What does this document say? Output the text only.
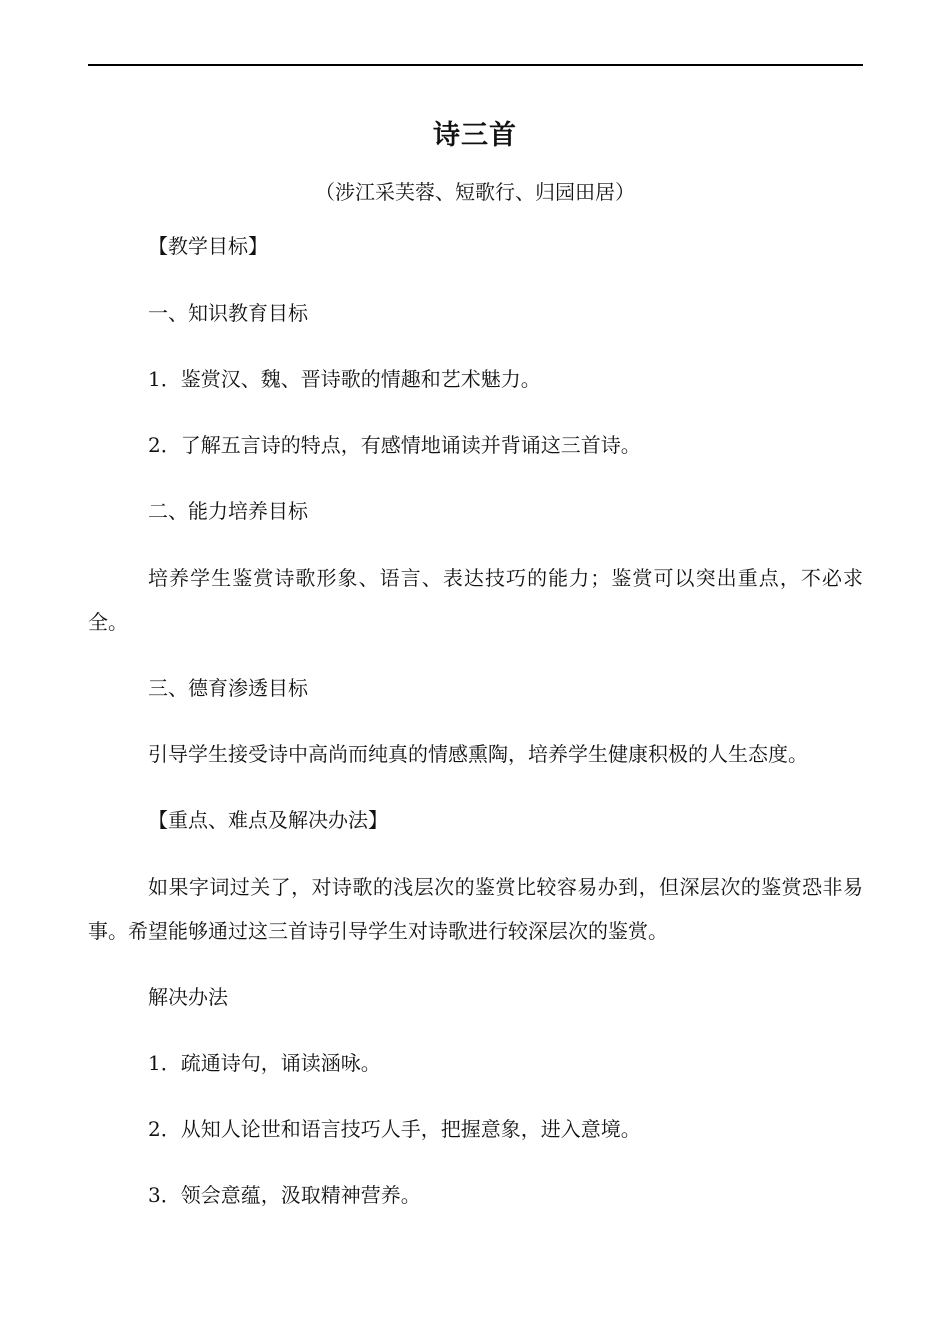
诗三首
（涉江采芙蓉、短歌行、归园田居）

【教学目标】

一、知识教育目标

1．鉴赏汉、魏、晋诗歌的情趣和艺术魅力。

2．了解五言诗的特点，有感情地诵读并背诵这三首诗。

二、能力培养目标

培养学生鉴赏诗歌形象、语言、表达技巧的能力；鉴赏可以突出重点，不必求全。

三、德育渗透目标

引导学生接受诗中高尚而纯真的情感熏陶，培养学生健康积极的人生态度。

【重点、难点及解决办法】

如果字词过关了，对诗歌的浅层次的鉴赏比较容易办到，但深层次的鉴赏恐非易事。希望能够通过这三首诗引导学生对诗歌进行较深层次的鉴赏。

解决办法

1．疏通诗句，诵读涵咏。

2．从知人论世和语言技巧人手，把握意象，进入意境。

3．领会意蕴，汲取精神营养。
